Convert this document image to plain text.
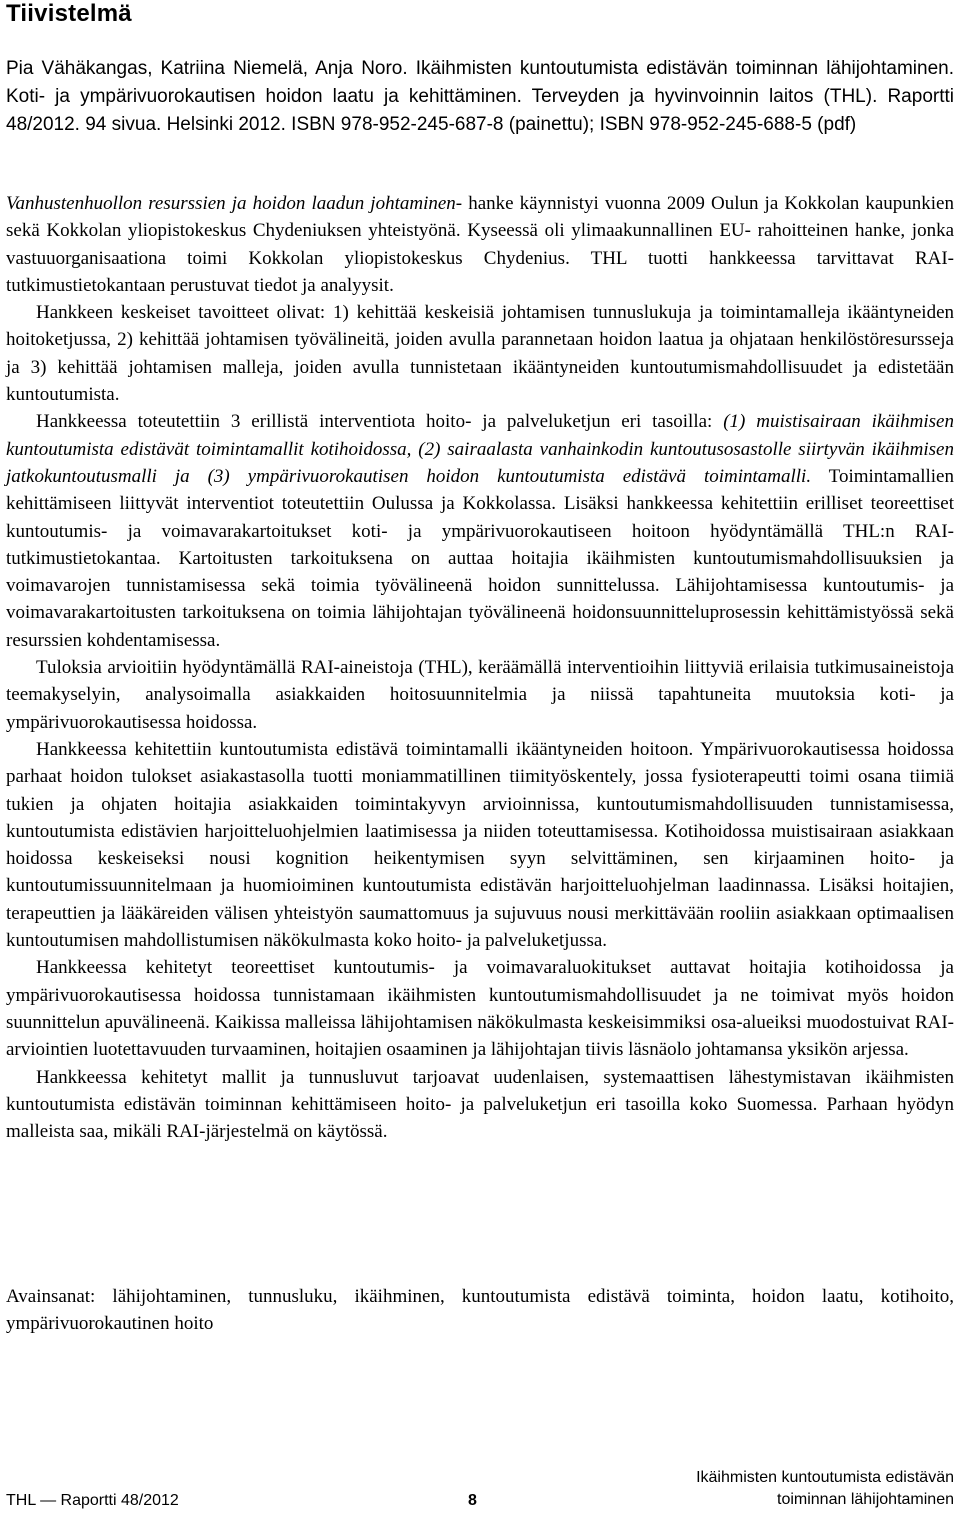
Tiivistelmä
Pia Vähäkangas, Katriina Niemelä, Anja Noro. Ikäihmisten kuntoutumista edistävän toiminnan lähijohtaminen. Koti- ja ympärivuorokautisen hoidon laatu ja kehittäminen. Terveyden ja hyvinvoinnin laitos (THL). Raportti 48/2012. 94 sivua. Helsinki 2012. ISBN 978-952-245-687-8 (painettu); ISBN 978-952-245-688-5 (pdf)

Vanhustenhuollon resurssien ja hoidon laadun johtaminen- hanke käynnistyi vuonna 2009 Oulun ja Kokkolan kaupunkien sekä Kokkolan yliopistokeskus Chydeniuksen yhteistyönä. Kyseessä oli ylimaakunnallinen EU- rahoitteinen hanke, jonka vastuuorganisaationa toimi Kokkolan yliopistokeskus Chydenius. THL tuotti hankkeessa tarvittavat RAI-tutkimustietokantaan perustuvat tiedot ja analyysit.

Hankkeen keskeiset tavoitteet olivat: 1) kehittää keskeisiä johtamisen tunnuslukuja ja toimintamalleja ikääntyneiden hoitoketjussa, 2) kehittää johtamisen työvälineitä, joiden avulla parannetaan hoidon laatua ja ohjataan henkilöstöresursseja ja 3) kehittää johtamisen malleja, joiden avulla tunnistetaan ikääntyneiden kuntoutumismahdollisuudet ja edistetään kuntoutumista.

Hankkeessa toteutettiin 3 erillistä interventiota hoito- ja palveluketjun eri tasoilla: (1) muistisairaan ikäihmisen kuntoutumista edistävät toimintamallit kotihoidossa, (2) sairaalasta vanhainkodin kuntoutusosastolle siirtyvän ikäihmisen jatkokuntoutusmalli ja (3) ympärivuorokautisen hoidon kuntoutumista edistävä toimintamalli. Toimintamallien kehittämiseen liittyvät interventiot toteutettiin Oulussa ja Kokkolassa. Lisäksi hankkeessa kehitettiin erilliset teoreettiset kuntoutumis- ja voimavarakartoitukset koti- ja ympärivuorokautiseen hoitoon hyödyntämällä THL:n RAI-tutkimustietokantaa. Kartoitusten tarkoituksena on auttaa hoitajia ikäihmisten kuntoutumismahdollisuuksien ja voimavarojen tunnistamisessa sekä toimia työvälineenä hoidon sunnittelussa. Lähijohtamisessa kuntoutumis- ja voimavarakartoitusten tarkoituksena on toimia lähijohtajan työvälineenä hoidonsuunnitteluprosessin kehittämistyössä sekä resurssien kohdentamisessa.

Tuloksia arvioitiin hyödyntämällä RAI-aineistoja (THL), keräämällä interventioihin liittyviä erilaisia tutkimusaineistoja teemakyselyin, analysoimalla asiakkaiden hoitosuunnitelmia ja niissä tapahtuneita muutoksia koti- ja ympärivuorokautisessa hoidossa.

Hankkeessa kehitettiin kuntoutumista edistävä toimintamalli ikääntyneiden hoitoon. Ympärivuorokautisessa hoidossa parhaat hoidon tulokset asiakastasolla tuotti moniammatillinen tiimityöskentely, jossa fysioterapeutti toimi osana tiimiä tukien ja ohjaten hoitajia asiakkaiden toimintakyvyn arvioinnissa, kuntoutumismahdollisuuden tunnistamisessa, kuntoutumista edistävien harjoitteluohjelmien laatimisessa ja niiden toteuttamisessa. Kotihoidossa muistisairaan asiakkaan hoidossa keskeiseksi nousi kognition heikentymisen syyn selvittäminen, sen kirjaaminen hoito- ja kuntoutumissuunnitelmaan ja huomioiminen kuntoutumista edistävän harjoitteluohjelman laadinnassa. Lisäksi hoitajien, terapeuttien ja lääkäreiden välisen yhteistyön saumattomuus ja sujuvuus nousi merkittävään rooliin asiakkaan optimaalisen kuntoutumisen mahdollistumisen näkökulmasta koko hoito- ja palveluketjussa.

Hankkeessa kehitetyt teoreettiset kuntoutumis- ja voimavaraluokitukset auttavat hoitajia kotihoidossa ja ympärivuorokautisessa hoidossa tunnistamaan ikäihmisten kuntoutumismahdollisuudet ja ne toimivat myös hoidon suunnittelun apuvälineenä. Kaikissa malleissa lähijohtamisen näkökulmasta keskeisimmiksi osa-alueiksi muodostuivat RAI-arviointien luotettavuuden turvaaminen, hoitajien osaaminen ja lähijohtajan tiivis läsnäolo johtamansa yksikön arjessa.

Hankkeessa kehitetyt mallit ja tunnusluvut tarjoavat uudenlaisen, systemaattisen lähestymistavan ikäihmisten kuntoutumista edistävän toiminnan kehittämiseen hoito- ja palveluketjun eri tasoilla koko Suomessa. Parhaan hyödyn malleista saa, mikäli RAI-järjestelmä on käytössä.

Avainsanat: lähijohtaminen, tunnusluku, ikäihminen, kuntoutumista edistävä toiminta, hoidon laatu, kotihoito, ympärivuorokautinen hoito
THL — Raportti 48/2012	8
Ikäihmisten kuntoutumista edistävän
toiminnan lähijohtaminen
